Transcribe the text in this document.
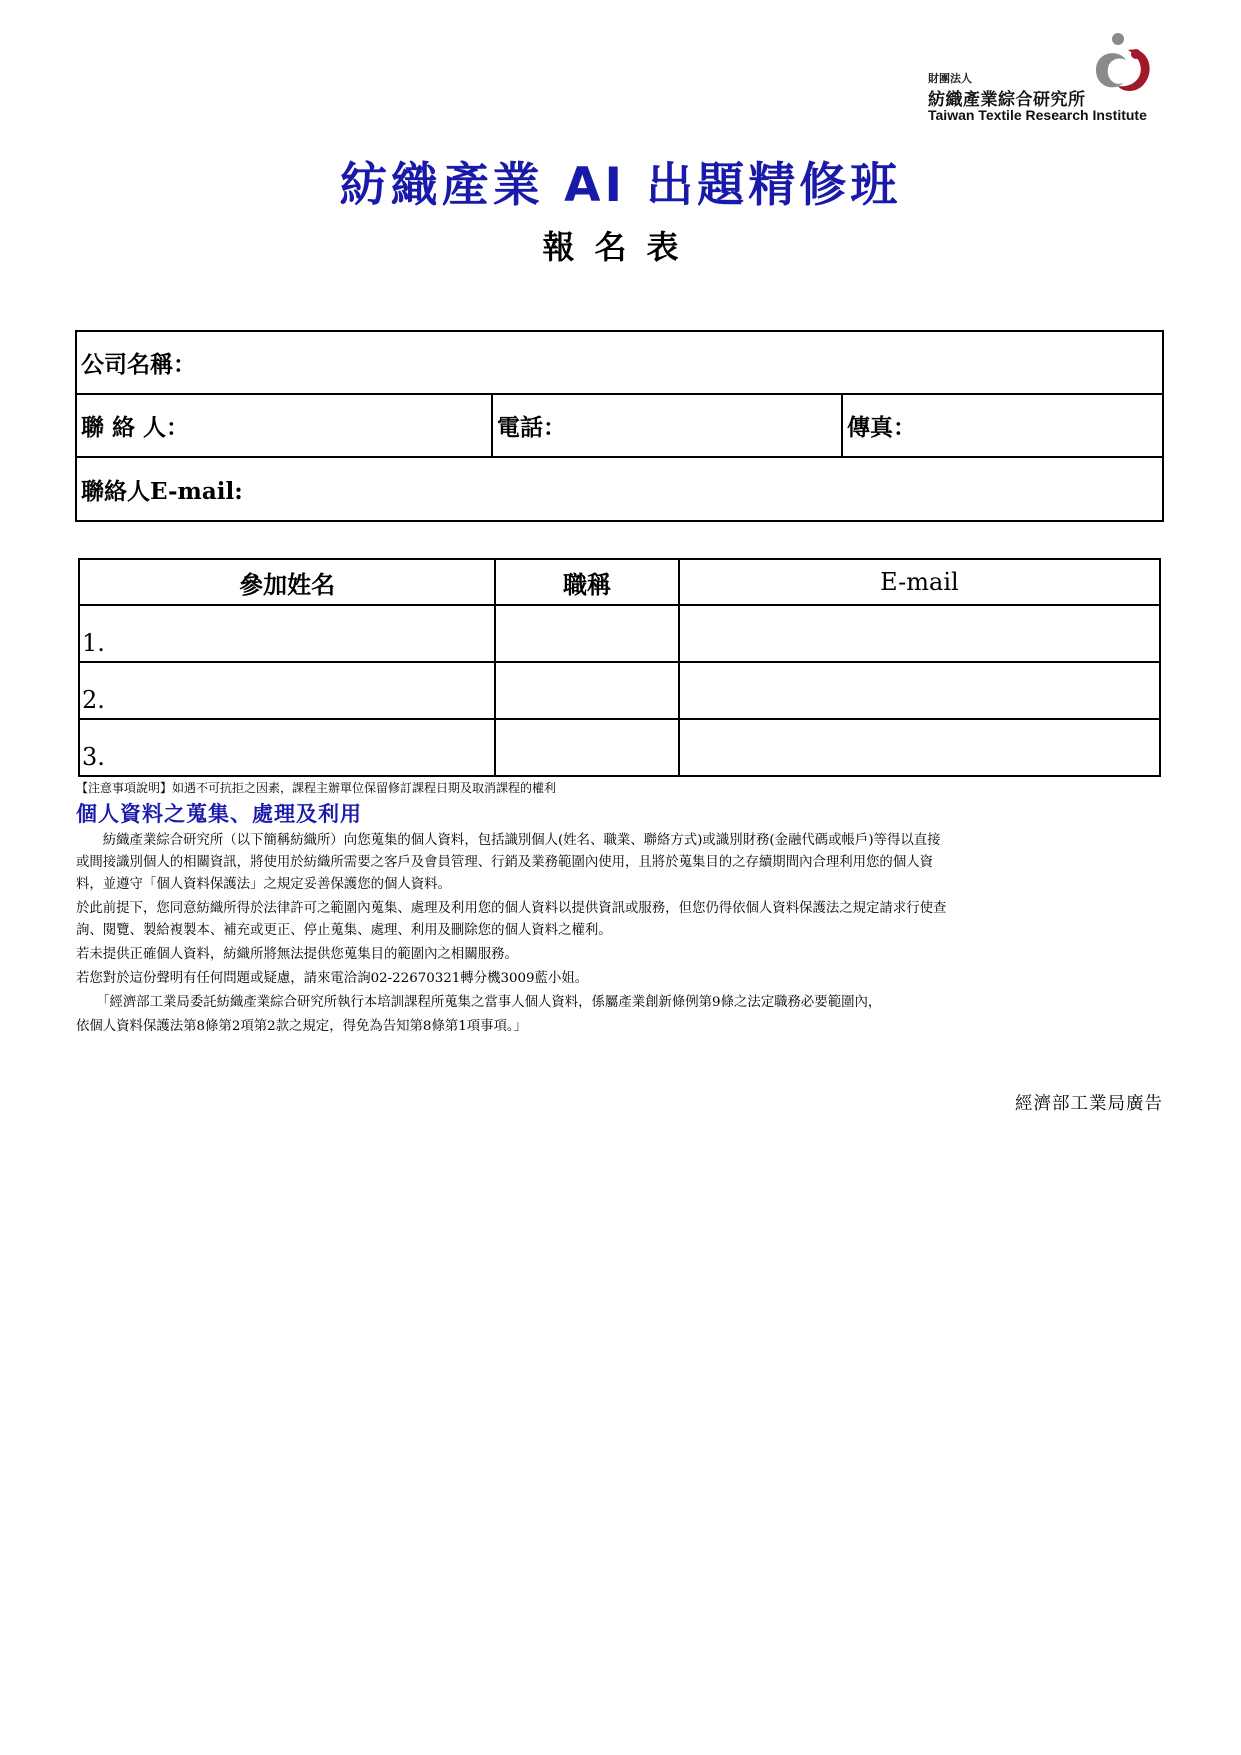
財團法人
紡織產業綜合研究所
Taiwan Textile Research Institute
紡織產業 AI 出題精修班
報名表
公司名稱：
聯 絡 人：	電話：	傳真：
聯絡人E-mail:
參加姓名	職稱	E-mail
1.		
2.		
3.		
【注意事項說明】如遇不可抗拒之因素，課程主辦單位保留修訂課程日期及取消課程的權利
個人資料之蒐集、處理及利用
　　紡織產業綜合研究所（以下簡稱紡織所）向您蒐集的個人資料，包括識別個人(姓名、職業、聯絡方式)或識別財務(金融代碼或帳戶)等得以直接
或間接識別個人的相關資訊，將使用於紡織所需要之客戶及會員管理、行銷及業務範圍內使用，且將於蒐集目的之存續期間內合理利用您的個人資
料，並遵守「個人資料保護法」之規定妥善保護您的個人資料。
於此前提下，您同意紡織所得於法律許可之範圍內蒐集、處理及利用您的個人資料以提供資訊或服務，但您仍得依個人資料保護法之規定請求行使查
詢、閱覽、製給複製本、補充或更正、停止蒐集、處理、利用及刪除您的個人資料之權利。
若未提供正確個人資料，紡織所將無法提供您蒐集目的範圍內之相關服務。
若您對於這份聲明有任何問題或疑慮，請來電洽詢02-22670321轉分機3009藍小姐。
　　「經濟部工業局委託紡織產業綜合研究所執行本培訓課程所蒐集之當事人個人資料，係屬產業創新條例第9條之法定職務必要範圍內，
依個人資料保護法第8條第2項第2款之規定，得免為告知第8條第1項事項。」
經濟部工業局廣告
